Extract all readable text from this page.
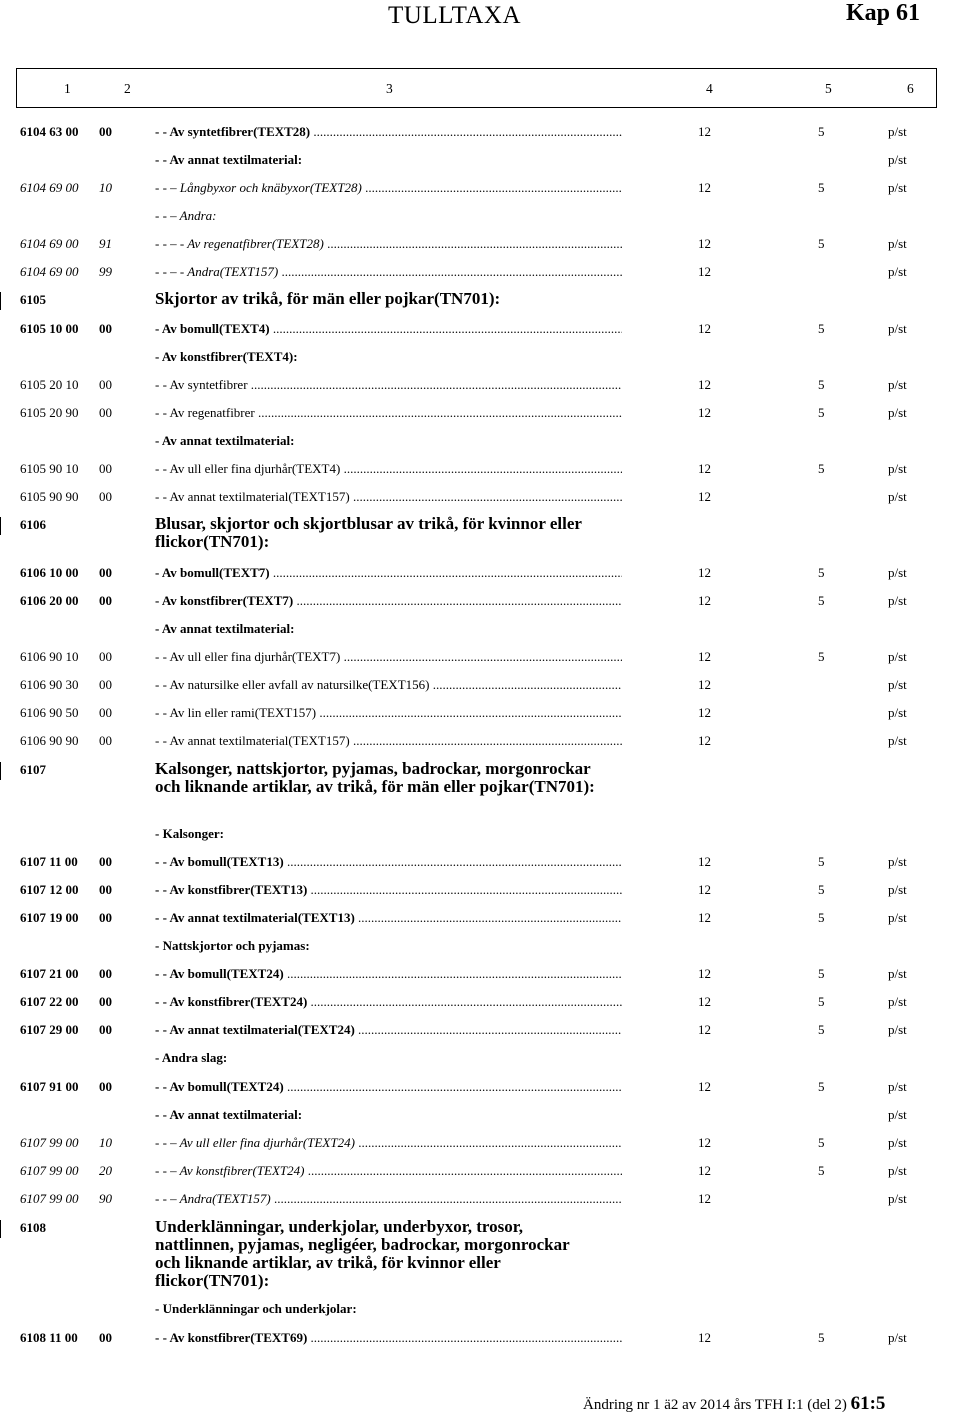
TULLTAXA	Kap 61
1	2	3	4	5	6
6104 63 00 00	- - Av syntetfibrer(TEXT28) .....	12	5	p/st
- - Av annat textilmaterial:	p/st
6104 69 00 10	- - – Långbyxor och knäbyxor(TEXT28) .....	12	5	p/st
- - – Andra:
6104 69 00 91	- - – - Av regenatfibrer(TEXT28) .....	12	5	p/st
6104 69 00 99	- - – - Andra(TEXT157) .....	12	p/st
6105	Skjortor av trikå, för män eller pojkar(TN701):
6105 10 00 00	- Av bomull(TEXT4) .....	12	5	p/st
- Av konstfibrer(TEXT4):
6105 20 10 00	- - Av syntetfibrer .....	12	5	p/st
6105 20 90 00	- - Av regenatfibrer .....	12	5	p/st
- Av annat textilmaterial:
6105 90 10 00	- - Av ull eller fina djurhår(TEXT4) .....	12	5	p/st
6105 90 90 00	- - Av annat textilmaterial(TEXT157) .....	12	p/st
6106	Blusar, skjortor och skjortblusar av trikå, för kvinnor eller flickor(TN701):
6106 10 00 00	- Av bomull(TEXT7) .....	12	5	p/st
6106 20 00 00	- Av konstfibrer(TEXT7) .....	12	5	p/st
- Av annat textilmaterial:
6106 90 10 00	- - Av ull eller fina djurhår(TEXT7) .....	12	5	p/st
6106 90 30 00	- - Av natursilke eller avfall av natursilke(TEXT156) .....	12	p/st
6106 90 50 00	- - Av lin eller rami(TEXT157) .....	12	p/st
6106 90 90 00	- - Av annat textilmaterial(TEXT157) .....	12	p/st
6107	Kalsonger, nattskjortor, pyjamas, badrockar, morgonrockar och liknande artiklar, av trikå, för män eller pojkar(TN701):
- Kalsonger:
6107 11 00 00	- - Av bomull(TEXT13) .....	12	5	p/st
6107 12 00 00	- - Av konstfibrer(TEXT13) .....	12	5	p/st
6107 19 00 00	- - Av annat textilmaterial(TEXT13) .....	12	5	p/st
- Nattskjortor och pyjamas:
6107 21 00 00	- - Av bomull(TEXT24) .....	12	5	p/st
6107 22 00 00	- - Av konstfibrer(TEXT24) .....	12	5	p/st
6107 29 00 00	- - Av annat textilmaterial(TEXT24) .....	12	5	p/st
- Andra slag:
6107 91 00 00	- - Av bomull(TEXT24) .....	12	5	p/st
- - Av annat textilmaterial:	p/st
6107 99 00 10	- - – Av ull eller fina djurhår(TEXT24) .....	12	5	p/st
6107 99 00 20	- - – Av konstfibrer(TEXT24) .....	12	5	p/st
6107 99 00 90	- - – Andra(TEXT157) .....	12	p/st
6108	Underklänningar, underkjolar, underbyxor, trosor, nattlinnen, pyjamas, negligéer, badrockar, morgonrockar och liknande artiklar, av trikå, för kvinnor eller flickor(TN701):
- Underklänningar och underkjolar:
6108 11 00 00	- - Av konstfibrer(TEXT69) .....	12	5	p/st
Ändring nr 1 ä2 av 2014 års TFH I:1 (del 2) 61:5
